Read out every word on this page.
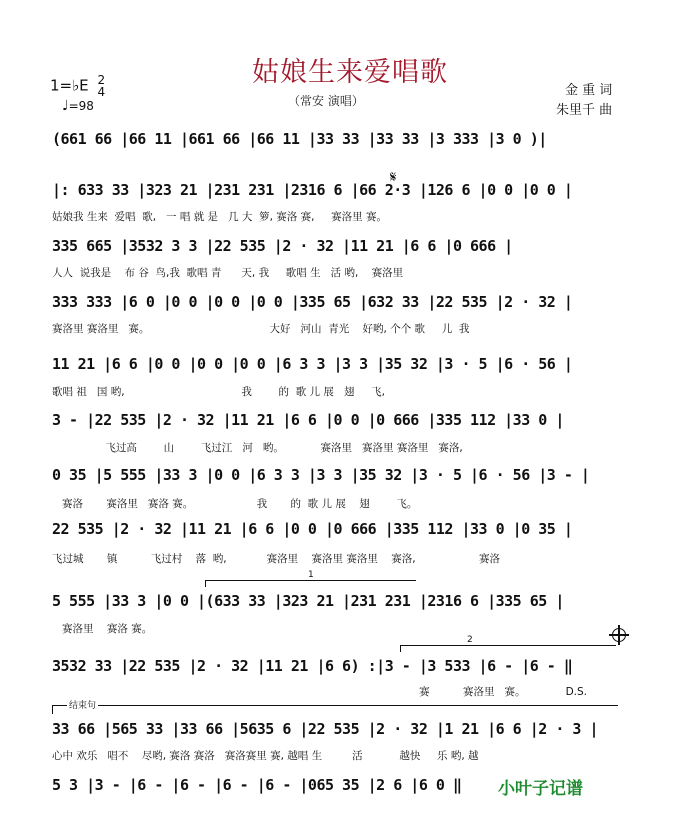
姑娘生来爱唱歌
（常安 演唱）
1=♭E 2
4
♩=98
金 重 词
朱里千 曲
𝄋
1
2
结束句
(661 66 |66 11 |661 66 |66 11 |33 33 |33 33 |3 333 |3 0 )|
|: 633 33 |323 21 |231 231 |2316 6 |66 2·3 |126 6 |0 0 |0 0 |
姑娘我 生来  爱唱  歌,   一 唱 就 是   几 大  箩, 赛洛 赛,     赛洛里 赛。
335 665 |3532 3 3 |22 535 |2 · 32 |11 21 |6 6 |0 666 |
人人  说我是    布 谷  鸟,我  歌唱 青      天, 我     歌唱 生   活 哟,    赛洛里
333 333 |6 0 |0 0 |0 0 |0 0 |335 65 |632 33 |22 535 |2 · 32 |
赛洛里 赛洛里   赛。                                    大好   河山  青光    好哟, 个个 歌     儿  我
11 21 |6 6 |0 0 |0 0 |0 0 |6 3 3 |3 3 |35 32 |3 · 5 |6 · 56 |
歌唱 祖   国 哟,                                   我        的  歌 儿 展   翅     飞,
3 - |22 535 |2 · 32 |11 21 |6 6 |0 0 |0 666 |335 112 |33 0 |
飞过高        山        飞过江   河   哟。           赛洛里   赛洛里 赛洛里   赛洛,
0 35 |5 555 |33 3 |0 0 |6 3 3 |3 3 |35 32 |3 · 5 |6 · 56 |3 - |
赛洛       赛洛里   赛洛 赛。                   我       的  歌 儿 展    翅        飞。
22 535 |2 · 32 |11 21 |6 6 |0 0 |0 666 |335 112 |33 0 |0 35 |
飞过城       镇          飞过村    落  哟,            赛洛里    赛洛里 赛洛里    赛洛,                   赛洛
5 555 |33 3 |0 0 |(633 33 |323 21 |231 231 |2316 6 |335 65 |
赛洛里    赛洛 赛。
3532 33 |22 535 |2 · 32 |11 21 |6 6) :|3 - |3 533 |6 - |6 - ‖
赛          赛洛里   赛。            D.S.
33 66 |565 33 |33 66 |5635 6 |22 535 |2 · 32 |1 21 |6 6 |2 · 3 |
心中 欢乐   唱不    尽哟, 赛洛 赛洛   赛洛赛里 赛, 越唱 生         活           越快     乐 哟, 越
5 3 |3 - |6 - |6 - |6 - |6 - |065 35 |2 6 |6 0 ‖ 小叶子记谱
